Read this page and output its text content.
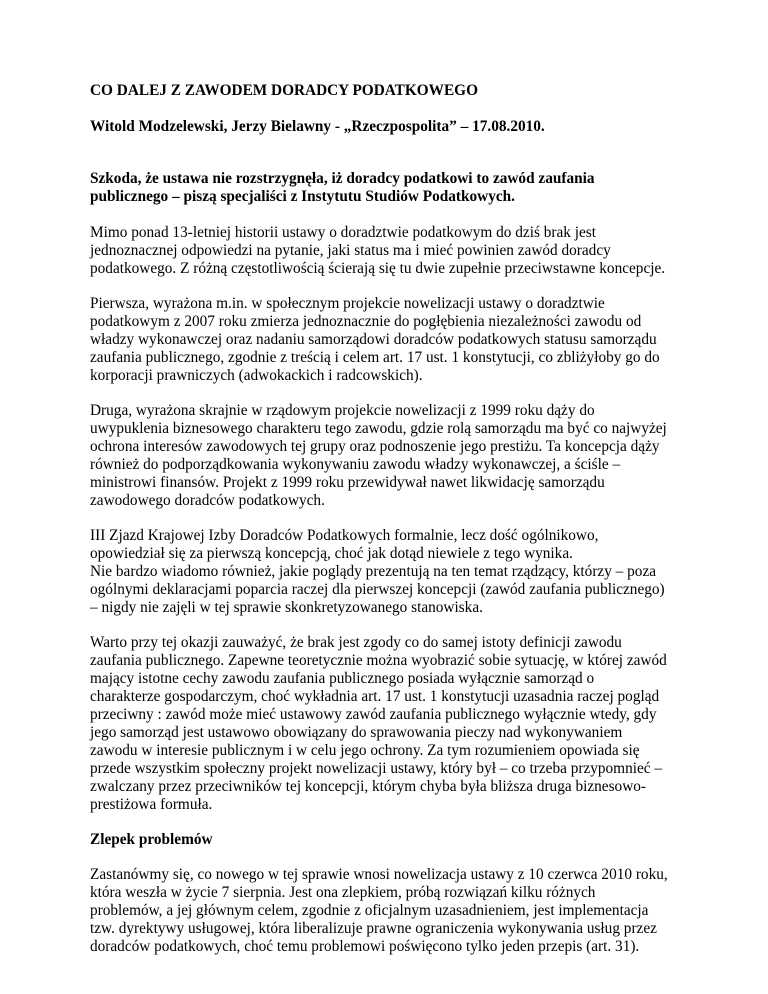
CO DALEJ Z ZAWODEM DORADCY PODATKOWEGO
Witold Modzelewski, Jerzy Bielawny - „Rzeczpospolita” – 17.08.2010.
Szkoda, że ustawa nie rozstrzygnęła, iż doradcy podatkowi to zawód zaufania
publicznego – piszą specjaliści z Instytutu Studiów Podatkowych.
Mimo ponad 13-letniej historii ustawy o doradztwie podatkowym do dziś brak jest
jednoznacznej odpowiedzi na pytanie, jaki status ma i mieć powinien zawód doradcy
podatkowego. Z różną częstotliwością ścierają się tu dwie zupełnie przeciwstawne koncepcje.
Pierwsza, wyrażona m.in. w społecznym projekcie nowelizacji ustawy o doradztwie
podatkowym z 2007 roku zmierza jednoznacznie do pogłębienia niezależności zawodu od
władzy wykonawczej oraz nadaniu samorządowi doradców podatkowych statusu samorządu
zaufania publicznego, zgodnie z treścią i celem art. 17 ust. 1 konstytucji, co zbliżyłoby go do
korporacji prawniczych (adwokackich i radcowskich).
Druga, wyrażona skrajnie w rządowym projekcie nowelizacji z 1999 roku dąży do
uwypuklenia biznesowego charakteru tego zawodu, gdzie rolą samorządu ma być co najwyżej
ochrona interesów zawodowych tej grupy oraz podnoszenie jego prestiżu. Ta koncepcja dąży
również do podporządkowania wykonywaniu zawodu władzy wykonawczej, a ściśle –
ministrowi finansów. Projekt z 1999 roku przewidywał nawet likwidację samorządu
zawodowego doradców podatkowych.
III Zjazd Krajowej Izby Doradców Podatkowych formalnie, lecz dość ogólnikowo,
opowiedział się za pierwszą koncepcją, choć jak dotąd niewiele z tego wynika.
Nie bardzo wiadomo również, jakie poglądy prezentują na ten temat rządzący, którzy – poza
ogólnymi deklaracjami poparcia raczej dla pierwszej koncepcji (zawód zaufania publicznego)
– nigdy nie zajęli w tej sprawie skonkretyzowanego stanowiska.
Warto przy tej okazji zauważyć, że brak jest zgody co do samej istoty definicji zawodu
zaufania publicznego. Zapewne teoretycznie można wyobrazić sobie sytuację, w której zawód
mający istotne cechy zawodu zaufania publicznego posiada wyłącznie samorząd o
charakterze gospodarczym, choć wykładnia art. 17 ust. 1 konstytucji uzasadnia raczej pogląd
przeciwny : zawód może mieć ustawowy zawód zaufania publicznego wyłącznie wtedy, gdy
jego samorząd jest ustawowo obowiązany do sprawowania pieczy nad wykonywaniem
zawodu w interesie publicznym i w celu jego ochrony. Za tym rozumieniem opowiada się
przede wszystkim społeczny projekt nowelizacji ustawy, który był – co trzeba przypomnieć –
zwalczany przez przeciwników tej koncepcji, którym chyba była bliższa druga biznesowo-
prestiżowa formuła.
Zlepek problemów
Zastanówmy się, co nowego w tej sprawie wnosi nowelizacja ustawy z 10 czerwca 2010 roku,
która weszła w życie 7 sierpnia. Jest ona zlepkiem, próbą rozwiązań kilku różnych
problemów, a jej głównym celem, zgodnie z oficjalnym uzasadnieniem, jest implementacja
tzw. dyrektywy usługowej, która liberalizuje prawne ograniczenia wykonywania usług przez
doradców podatkowych, choć temu problemowi poświęcono tylko jeden przepis (art. 31).
